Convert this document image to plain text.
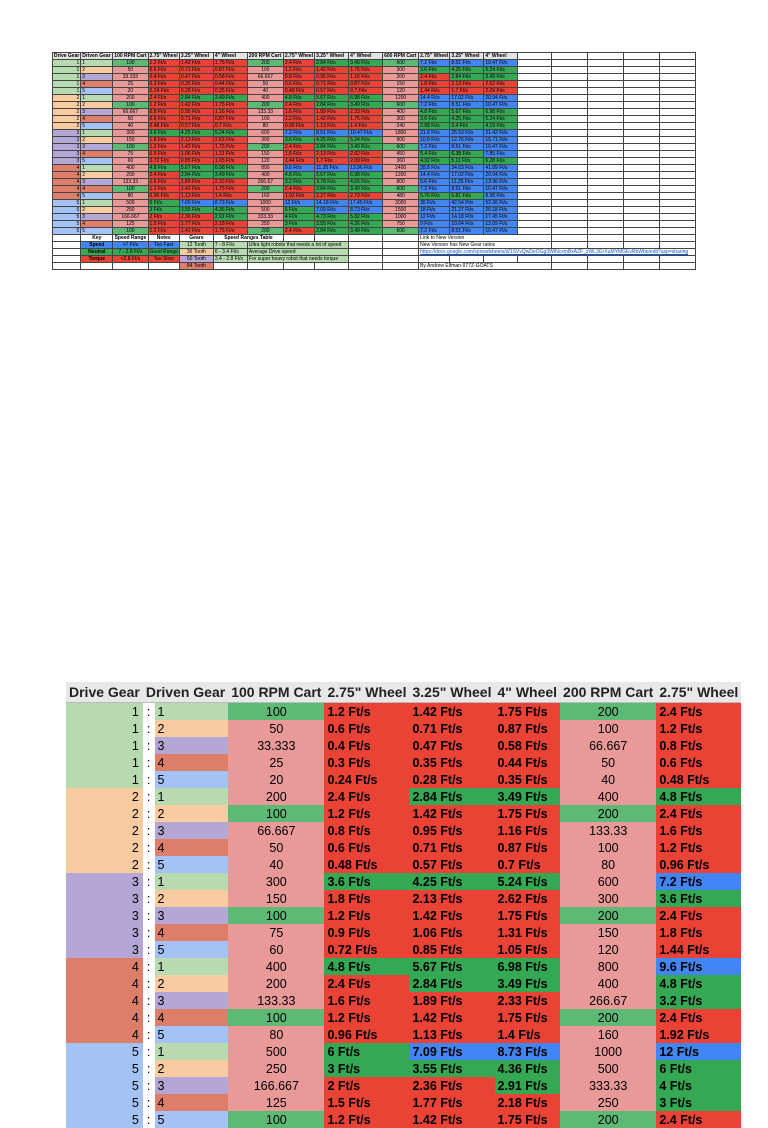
Drive Gear	Driven Gear	100 RPM Cart	2.75" Wheel	3.25" Wheel	4" Wheel	200 RPM Cart	2.75" Wheel	3.25" Wheel	4" Wheel	600 RPM Cart	2.75" Wheel	3.25" Wheel	4" Wheel					
1	1	100	1.2 Ft/s	1.42 Ft/s	1.75 Ft/s	200	2.4 Ft/s	2.84 Ft/s	3.49 Ft/s	600	7.2 Ft/s	8.51 Ft/s	10.47 Ft/s					
1	2	50	0.6 Ft/s	0.71 Ft/s	0.87 Ft/s	100	1.2 Ft/s	1.42 Ft/s	1.75 Ft/s	300	3.6 Ft/s	4.25 Ft/s	5.24 Ft/s					
1	3	33.333	0.4 Ft/s	0.47 Ft/s	0.58 Ft/s	66.667	0.8 Ft/s	0.95 Ft/s	1.16 Ft/s	200	2.4 Ft/s	2.84 Ft/s	3.49 Ft/s					
1	4	25	0.3 Ft/s	0.35 Ft/s	0.44 Ft/s	50	0.6 Ft/s	0.71 Ft/s	0.87 Ft/s	150	1.8 Ft/s	2.13 Ft/s	2.62 Ft/s					
1	5	20	0.24 Ft/s	0.28 Ft/s	0.35 Ft/s	40	0.48 Ft/s	0.57 Ft/s	0.7 Ft/s	120	1.44 Ft/s	1.7 Ft/s	2.09 Ft/s					
2	1	200	2.4 Ft/s	2.84 Ft/s	3.49 Ft/s	400	4.8 Ft/s	5.67 Ft/s	6.98 Ft/s	1200	14.4 Ft/s	17.02 Ft/s	20.94 Ft/s					
2	2	100	1.2 Ft/s	1.42 Ft/s	1.75 Ft/s	200	2.4 Ft/s	2.84 Ft/s	3.49 Ft/s	600	7.2 Ft/s	8.51 Ft/s	10.47 Ft/s					
2	3	66.667	0.8 Ft/s	0.95 Ft/s	1.16 Ft/s	133.33	1.6 Ft/s	1.89 Ft/s	2.33 Ft/s	400	4.8 Ft/s	5.67 Ft/s	6.98 Ft/s					
2	4	50	0.6 Ft/s	0.71 Ft/s	0.87 Ft/s	100	1.2 Ft/s	1.42 Ft/s	1.75 Ft/s	300	3.6 Ft/s	4.25 Ft/s	5.24 Ft/s					
2	5	40	0.48 Ft/s	0.57 Ft/s	0.7 Ft/s	80	0.96 Ft/s	1.13 Ft/s	1.4 Ft/s	240	2.88 Ft/s	3.4 Ft/s	4.19 Ft/s					
3	1	300	3.6 Ft/s	4.25 Ft/s	5.24 Ft/s	600	7.2 Ft/s	8.51 Ft/s	10.47 Ft/s	1800	21.6 Ft/s	25.53 Ft/s	31.42 Ft/s					
3	2	150	1.8 Ft/s	2.13 Ft/s	2.62 Ft/s	300	3.6 Ft/s	4.25 Ft/s	5.24 Ft/s	900	10.8 Ft/s	12.76 Ft/s	15.71 Ft/s					
3	3	100	1.2 Ft/s	1.42 Ft/s	1.75 Ft/s	200	2.4 Ft/s	2.84 Ft/s	3.49 Ft/s	600	7.2 Ft/s	8.51 Ft/s	10.47 Ft/s					
3	4	75	0.9 Ft/s	1.06 Ft/s	1.31 Ft/s	150	1.8 Ft/s	2.13 Ft/s	2.62 Ft/s	450	5.4 Ft/s	6.38 Ft/s	7.85 Ft/s					
3	5	60	0.72 Ft/s	0.85 Ft/s	1.05 Ft/s	120	1.44 Ft/s	1.7 Ft/s	2.09 Ft/s	360	4.32 Ft/s	5.11 Ft/s	6.28 Ft/s					
4	1	400	4.8 Ft/s	5.67 Ft/s	6.98 Ft/s	800	9.6 Ft/s	11.35 Ft/s	13.96 Ft/s	2400	28.8 Ft/s	34.03 Ft/s	41.89 Ft/s					
4	2	200	2.4 Ft/s	2.84 Ft/s	3.49 Ft/s	400	4.8 Ft/s	5.67 Ft/s	6.98 Ft/s	1200	14.4 Ft/s	17.02 Ft/s	20.94 Ft/s					
4	3	133.33	1.6 Ft/s	1.89 Ft/s	2.33 Ft/s	266.67	3.2 Ft/s	3.78 Ft/s	4.65 Ft/s	800	9.6 Ft/s	11.35 Ft/s	13.96 Ft/s					
4	4	100	1.2 Ft/s	1.42 Ft/s	1.75 Ft/s	200	2.4 Ft/s	2.84 Ft/s	3.49 Ft/s	600	7.2 Ft/s	8.51 Ft/s	10.47 Ft/s					
4	5	80	0.96 Ft/s	1.13 Ft/s	1.4 Ft/s	160	1.92 Ft/s	2.27 Ft/s	2.79 Ft/s	480	5.76 Ft/s	6.81 Ft/s	8.38 Ft/s					
5	1	500	6 Ft/s	7.09 Ft/s	8.73 Ft/s	1000	12 Ft/s	14.18 Ft/s	17.45 Ft/s	3000	36 Ft/s	42.54 Ft/s	52.36 Ft/s					
5	2	250	3 Ft/s	3.55 Ft/s	4.36 Ft/s	500	6 Ft/s	7.09 Ft/s	8.73 Ft/s	1500	18 Ft/s	21.27 Ft/s	26.18 Ft/s					
5	3	166.667	2 Ft/s	2.36 Ft/s	2.91 Ft/s	333.33	4 Ft/s	4.73 Ft/s	5.82 Ft/s	1000	12 Ft/s	14.18 Ft/s	17.45 Ft/s					
5	4	125	1.5 Ft/s	1.77 Ft/s	2.18 Ft/s	250	3 Ft/s	3.55 Ft/s	4.36 Ft/s	750	9 Ft/s	10.64 Ft/s	13.09 Ft/s					
5	5	100	1.2 Ft/s	1.42 Ft/s	1.75 Ft/s	200	2.4 Ft/s	2.84 Ft/s	3.49 Ft/s	600	7.2 Ft/s	8.51 Ft/s	10.47 Ft/s					
	Key	Speed Range	Notes	Gears	Speed Ranges Table						Link to New Version							
	Speed	>7 Ft/s	Too Fast	12 Tooth	7 - 8 Ft/s	Ultra light robots that needs a lot of speed					New Version has New Gear ratios							
	Neutral	7 - 2.8 Ft/s	Good Range	36 Tooth	6 - 3.4 Ft/s	Average Drive speed					https://docs.google.com/spreadsheets/d/1SVvQwDeOGg3WtNcxmBxAZF_zWL3GrXuMYMGEvRbWbo/edit?usp=sharing							
	Torque	<2.8 Ft/s	Too Slow	60 Tooth	3.4 - 2.8 Ft/s	For super heavy robot that needs torque												
				84 Tooth							By Andrew Elfman-977Z-GOATS							
Drive Gear	Driven Gear		100 RPM Cart	2.75" Wheel	3.25" Wheel	4" Wheel	200 RPM Cart	2.75" Wheel
1	:	1	100	1.2 Ft/s	1.42 Ft/s	1.75 Ft/s	200	2.4 Ft/s
1	:	2	50	0.6 Ft/s	0.71 Ft/s	0.87 Ft/s	100	1.2 Ft/s
1	:	3	33.333	0.4 Ft/s	0.47 Ft/s	0.58 Ft/s	66.667	0.8 Ft/s
1	:	4	25	0.3 Ft/s	0.35 Ft/s	0.44 Ft/s	50	0.6 Ft/s
1	:	5	20	0.24 Ft/s	0.28 Ft/s	0.35 Ft/s	40	0.48 Ft/s
2	:	1	200	2.4 Ft/s	2.84 Ft/s	3.49 Ft/s	400	4.8 Ft/s
2	:	2	100	1.2 Ft/s	1.42 Ft/s	1.75 Ft/s	200	2.4 Ft/s
2	:	3	66.667	0.8 Ft/s	0.95 Ft/s	1.16 Ft/s	133.33	1.6 Ft/s
2	:	4	50	0.6 Ft/s	0.71 Ft/s	0.87 Ft/s	100	1.2 Ft/s
2	:	5	40	0.48 Ft/s	0.57 Ft/s	0.7 Ft/s	80	0.96 Ft/s
3	:	1	300	3.6 Ft/s	4.25 Ft/s	5.24 Ft/s	600	7.2 Ft/s
3	:	2	150	1.8 Ft/s	2.13 Ft/s	2.62 Ft/s	300	3.6 Ft/s
3	:	3	100	1.2 Ft/s	1.42 Ft/s	1.75 Ft/s	200	2.4 Ft/s
3	:	4	75	0.9 Ft/s	1.06 Ft/s	1.31 Ft/s	150	1.8 Ft/s
3	:	5	60	0.72 Ft/s	0.85 Ft/s	1.05 Ft/s	120	1.44 Ft/s
4	:	1	400	4.8 Ft/s	5.67 Ft/s	6.98 Ft/s	800	9.6 Ft/s
4	:	2	200	2.4 Ft/s	2.84 Ft/s	3.49 Ft/s	400	4.8 Ft/s
4	:	3	133.33	1.6 Ft/s	1.89 Ft/s	2.33 Ft/s	266.67	3.2 Ft/s
4	:	4	100	1.2 Ft/s	1.42 Ft/s	1.75 Ft/s	200	2.4 Ft/s
4	:	5	80	0.96 Ft/s	1.13 Ft/s	1.4 Ft/s	160	1.92 Ft/s
5	:	1	500	6 Ft/s	7.09 Ft/s	8.73 Ft/s	1000	12 Ft/s
5	:	2	250	3 Ft/s	3.55 Ft/s	4.36 Ft/s	500	6 Ft/s
5	:	3	166.667	2 Ft/s	2.36 Ft/s	2.91 Ft/s	333.33	4 Ft/s
5	:	4	125	1.5 Ft/s	1.77 Ft/s	2.18 Ft/s	250	3 Ft/s
5	:	5	100	1.2 Ft/s	1.42 Ft/s	1.75 Ft/s	200	2.4 Ft/s
